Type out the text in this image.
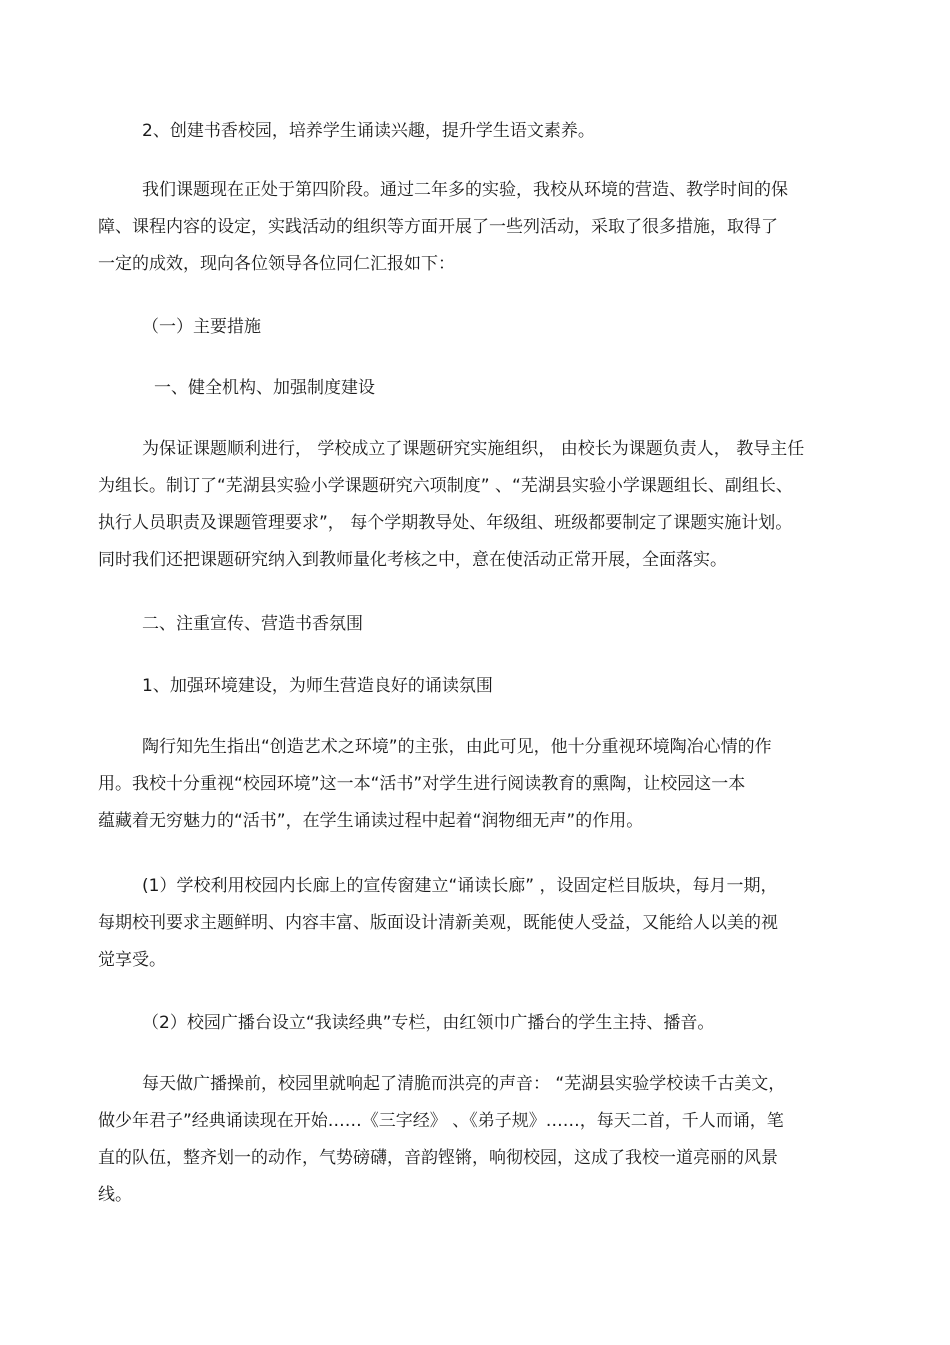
2、创建书香校园，培养学生诵读兴趣，提升学生语文素养。
我们课题现在正处于第四阶段。通过二年多的实验，我校从环境的营造、教学时间的保
障、课程内容的设定，实践活动的组织等方面开展了一些列活动，采取了很多措施，取得了
一定的成效，现向各位领导各位同仁汇报如下：
（一）主要措施
一、健全机构、加强制度建设
为保证课题顺利进行， 学校成立了课题研究实施组织， 由校长为课题负责人， 教导主任
为组长。制订了“芜湖县实验小学课题研究六项制度” 、“芜湖县实验小学课题组长、副组长、
执行人员职责及课题管理要求”， 每个学期教导处、年级组、班级都要制定了课题实施计划。
同时我们还把课题研究纳入到教师量化考核之中，意在使活动正常开展，全面落实。
二、注重宣传、营造书香氛围
1、加强环境建设，为师生营造良好的诵读氛围
陶行知先生指出“创造艺术之环境”的主张，由此可见，他十分重视环境陶冶心情的作
用。我校十分重视“校园环境”这一本“活书”对学生进行阅读教育的熏陶，让校园这一本
蕴藏着无穷魅力的“活书”，在学生诵读过程中起着“润物细无声”的作用。
(1）学校利用校园内长廊上的宣传窗建立“诵读长廊” ，设固定栏目版块，每月一期，
每期校刊要求主题鲜明、内容丰富、版面设计清新美观，既能使人受益，又能给人以美的视
觉享受。
（2）校园广播台设立“我读经典”专栏，由红领巾广播台的学生主持、播音。
每天做广播操前，校园里就响起了清脆而洪亮的声音： “芜湖县实验学校读千古美文，
做少年君子”经典诵读现在开始……《三字经》 、《弟子规》……，每天二首，千人而诵，笔
直的队伍，整齐划一的动作，气势磅礴，音韵铿锵，响彻校园，这成了我校一道亮丽的风景
线。
